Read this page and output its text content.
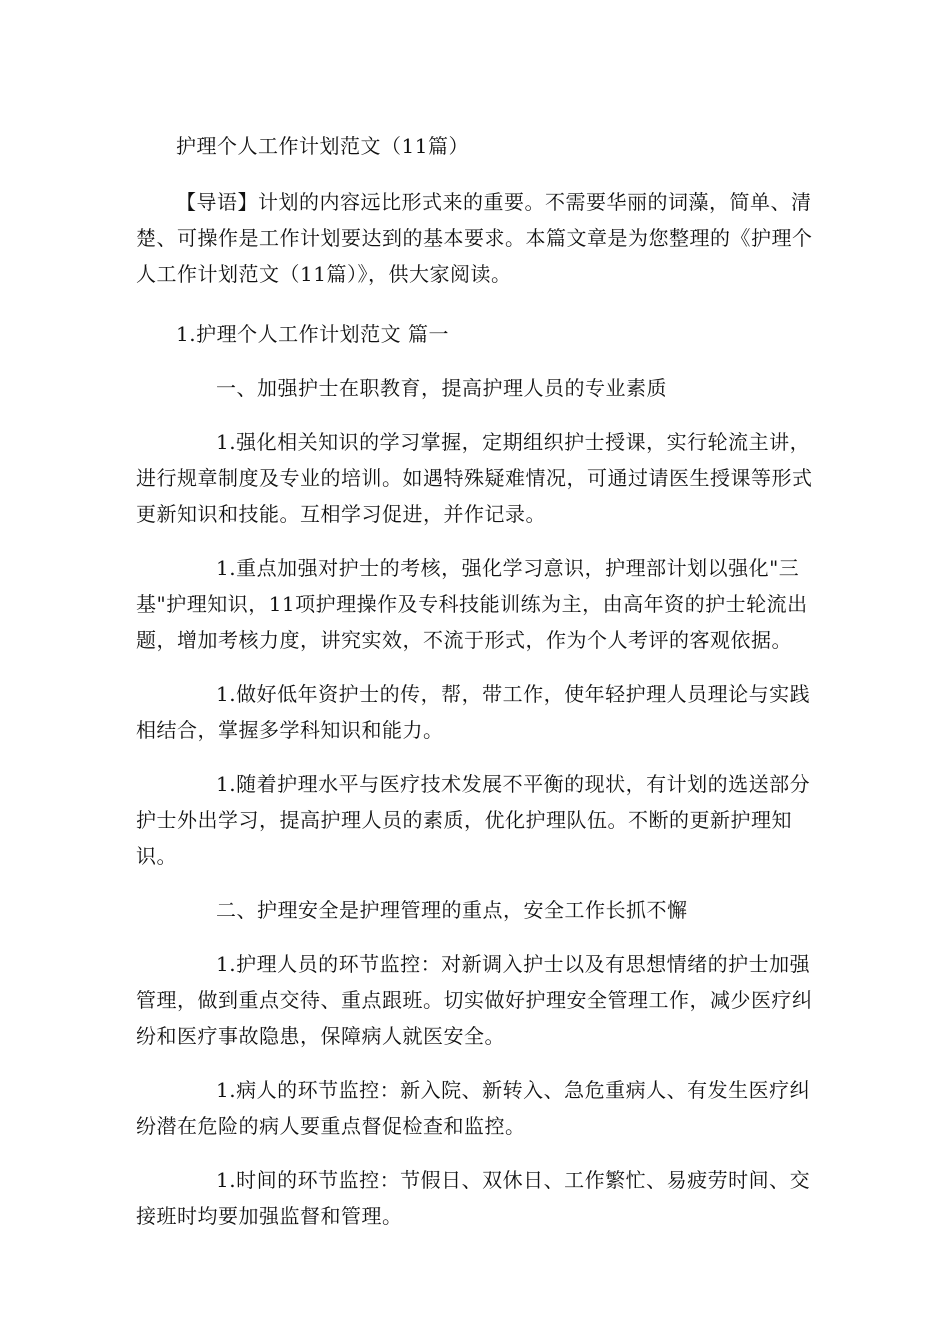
护理个人工作计划范文（11篇）

【导语】计划的内容远比形式来的重要。不需要华丽的词藻，简单、清楚、可操作是工作计划要达到的基本要求。本篇文章是为您整理的《护理个人工作计划范文（11篇）》，供大家阅读。

1.护理个人工作计划范文 篇一

一、加强护士在职教育，提高护理人员的专业素质

1.强化相关知识的学习掌握，定期组织护士授课，实行轮流主讲，进行规章制度及专业的培训。如遇特殊疑难情况，可通过请医生授课等形式更新知识和技能。互相学习促进，并作记录。

1.重点加强对护士的考核，强化学习意识，护理部计划以强化"三基"护理知识，11项护理操作及专科技能训练为主，由高年资的护士轮流出题，增加考核力度，讲究实效，不流于形式，作为个人考评的客观依据。

1.做好低年资护士的传，帮，带工作，使年轻护理人员理论与实践相结合，掌握多学科知识和能力。

1.随着护理水平与医疗技术发展不平衡的现状，有计划的选送部分护士外出学习，提高护理人员的素质，优化护理队伍。不断的更新护理知识。

二、护理安全是护理管理的重点，安全工作长抓不懈

1.护理人员的环节监控：对新调入护士以及有思想情绪的护士加强管理，做到重点交待、重点跟班。切实做好护理安全管理工作，减少医疗纠纷和医疗事故隐患，保障病人就医安全。

1.病人的环节监控：新入院、新转入、急危重病人、有发生医疗纠纷潜在危险的病人要重点督促检查和监控。

1.时间的环节监控：节假日、双休日、工作繁忙、易疲劳时间、交接班时均要加强监督和管理。
